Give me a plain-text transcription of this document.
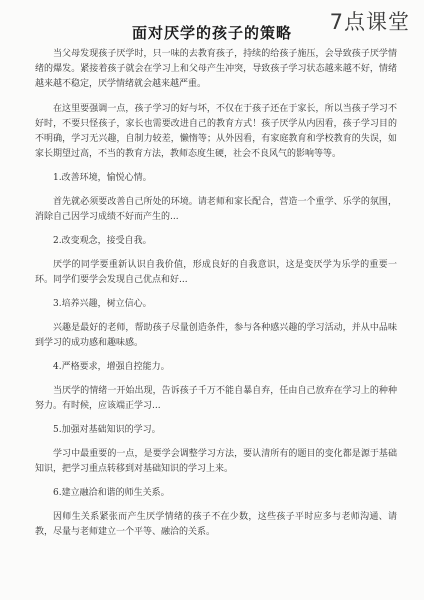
7点课堂
面对厌学的孩子的策略

当父母发现孩子厌学时，只一味的去教育孩子，持续的给孩子施压，会导致孩子厌学情绪的爆发。紧接着孩子就会在学习上和父母产生冲突，导致孩子学习状态越来越不好，情绪越来越不稳定，厌学情绪就会越来越严重。

在这里要强调一点，孩子学习的好与坏，不仅在于孩子还在于家长，所以当孩子学习不好时，不要只怪孩子，家长也需要改进自己的教育方式！孩子厌学从内因看，孩子学习目的不明确，学习无兴趣，自制力较差，懒惰等；从外因看，有家庭教育和学校教育的失误，如家长期望过高，不当的教育方法，教师态度生硬，社会不良风气的影响等等。

1.改善环境，愉悦心情。

首先就必须要改善自己所处的环境。请老师和家长配合，营造一个重学、乐学的氛围，消除自己因学习成绩不好而产生的...

2.改变观念，接受自我。

厌学的同学要重新认识自我价值，形成良好的自我意识，这是变厌学为乐学的重要一环。同学们要学会发现自己优点和好...

3.培养兴趣，树立信心。

兴趣是最好的老师，帮助孩子尽量创造条件，参与各种感兴趣的学习活动，并从中品味到学习的成功感和趣味感。

4.严格要求，增强自控能力。

当厌学的情绪一开始出现，告诉孩子千万不能自暴自弃，任由自己放弃在学习上的种种努力。有时候，应该端正学习...

5.加强对基础知识的学习。

学习中最重要的一点，是要学会调整学习方法，要认清所有的题目的变化都是源于基础知识，把学习重点转移到对基础知识的学习上来。

6.建立融洽和谐的师生关系。

因师生关系紧张而产生厌学情绪的孩子不在少数，这些孩子平时应多与老师沟通、请教，尽量与老师建立一个平等、融洽的关系。
